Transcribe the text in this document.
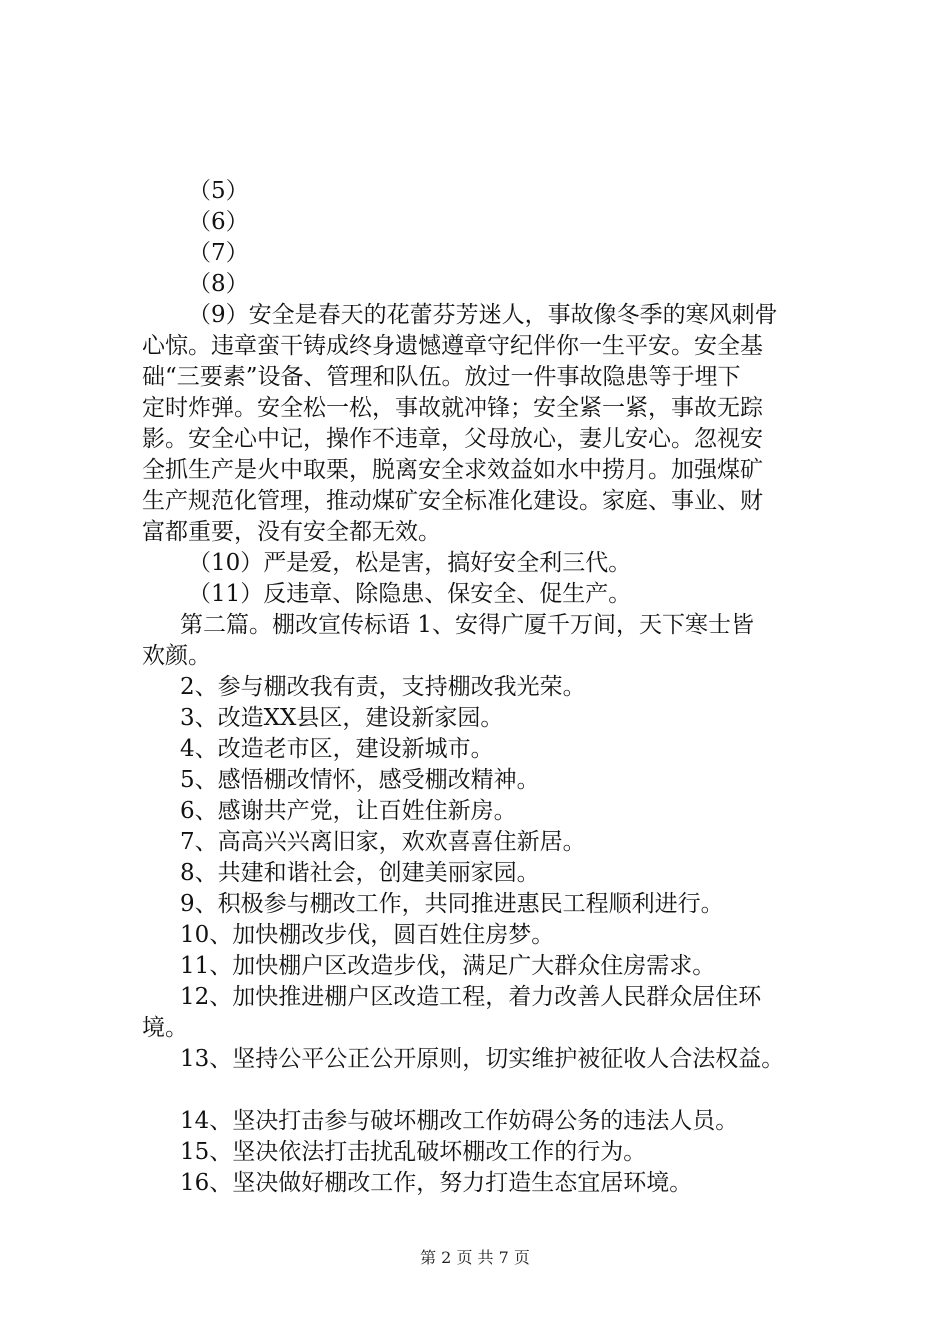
（5）
（6）
（7）
（8）
（9）安全是春天的花蕾芬芳迷人，事故像冬季的寒风刺骨
心惊。违章蛮干铸成终身遗憾遵章守纪伴你一生平安。安全基
础“三要素”设备、管理和队伍。放过一件事故隐患等于埋下
定时炸弹。安全松一松，事故就冲锋；安全紧一紧，事故无踪
影。安全心中记，操作不违章，父母放心，妻儿安心。忽视安
全抓生产是火中取栗，脱离安全求效益如水中捞月。加强煤矿
生产规范化管理，推动煤矿安全标准化建设。家庭、事业、财
富都重要，没有安全都无效。
（10）严是爱，松是害，搞好安全利三代。
（11）反违章、除隐患、保安全、促生产。
第二篇。棚改宣传标语 1、安得广厦千万间，天下寒士皆
欢颜。
2、参与棚改我有责，支持棚改我光荣。
3、改造XX县区，建设新家园。
4、改造老市区，建设新城市。
5、感悟棚改情怀，感受棚改精神。
6、感谢共产党，让百姓住新房。
7、高高兴兴离旧家，欢欢喜喜住新居。
8、共建和谐社会，创建美丽家园。
9、积极参与棚改工作，共同推进惠民工程顺利进行。
10、加快棚改步伐，圆百姓住房梦。
11、加快棚户区改造步伐，满足广大群众住房需求。
12、加快推进棚户区改造工程，着力改善人民群众居住环
境。
13、坚持公平公正公开原则，切实维护被征收人合法权益。
14、坚决打击参与破坏棚改工作妨碍公务的违法人员。
15、坚决依法打击扰乱破坏棚改工作的行为。
16、坚决做好棚改工作，努力打造生态宜居环境。
第 2 页 共 7 页
